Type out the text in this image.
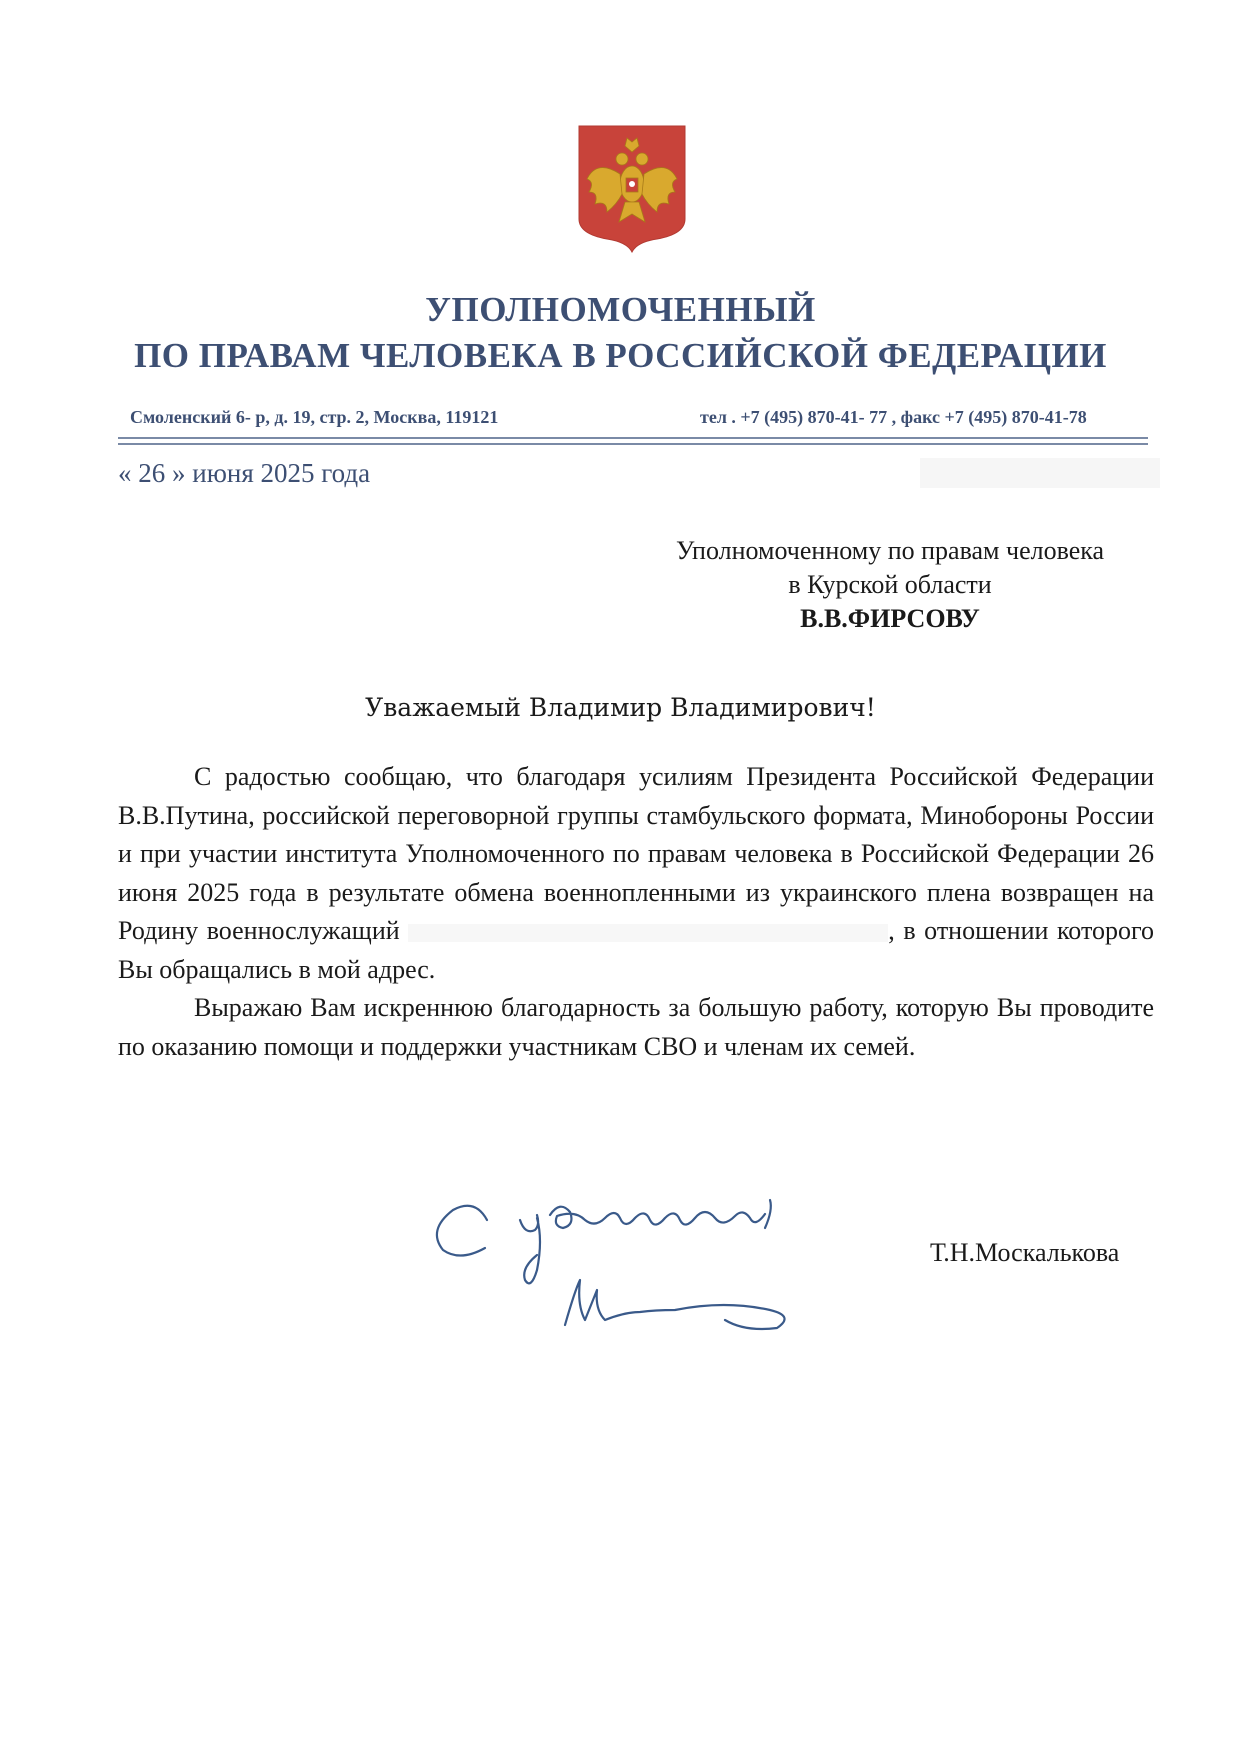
УПОЛНОМОЧЕННЫЙ
ПО ПРАВАМ ЧЕЛОВЕКА В РОССИЙСКОЙ ФЕДЕРАЦИИ
Смоленский 6- р, д. 19, стр. 2, Москва, 119121	тел . +7 (495) 870-41- 77 , факс +7 (495) 870-41-78
« 26 » июня 2025 года
Уполномоченному по правам человека
в Курской области
В.В.ФИРСОВУ
Уважаемый Владимир Владимирович!

С радостью сообщаю, что благодаря усилиям Президента Российской Федерации В.В.Путина, российской переговорной группы стамбульского формата, Минобороны России и при участии института Уполномоченного по правам человека в Российской Федерации 26 июня 2025 года в результате обмена военнопленными из украинского плена возвращен на Родину военнослужащий	, в отношении которого Вы обращались в мой адрес.

Выражаю Вам искреннюю благодарность за большую работу, которую Вы проводите по оказанию помощи и поддержки участникам СВО и членам их семей.

Т.Н.Москалькова
